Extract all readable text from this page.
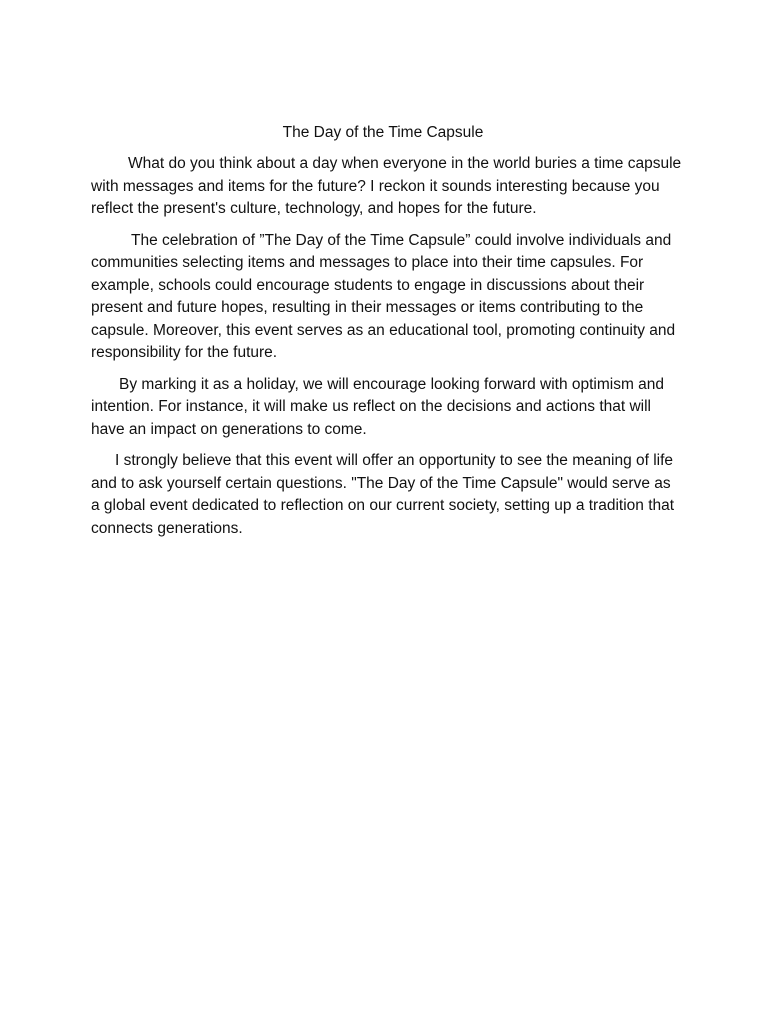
The Day of the Time Capsule

What do you think about a day when everyone in the world buries a time capsule with messages and items for the future? I reckon it sounds interesting because you reflect the present's culture, technology, and hopes for the future.

The celebration of ”The Day of the Time Capsule” could involve individuals and communities selecting items and messages to place into their time capsules. For example, schools could encourage students to engage in discussions about their present and future hopes, resulting in their messages or items contributing to the capsule. Moreover, this event serves as an educational tool, promoting continuity and responsibility for the future.

By marking it as a holiday, we will encourage looking forward with optimism and intention. For instance, it will make us reflect on the decisions and actions that will have an impact on generations to come.

I strongly believe that this event will offer an opportunity to see the meaning of life and to ask yourself certain questions. "The Day of the Time Capsule" would serve as a global event dedicated to reflection on our current society, setting up a tradition that connects generations.
